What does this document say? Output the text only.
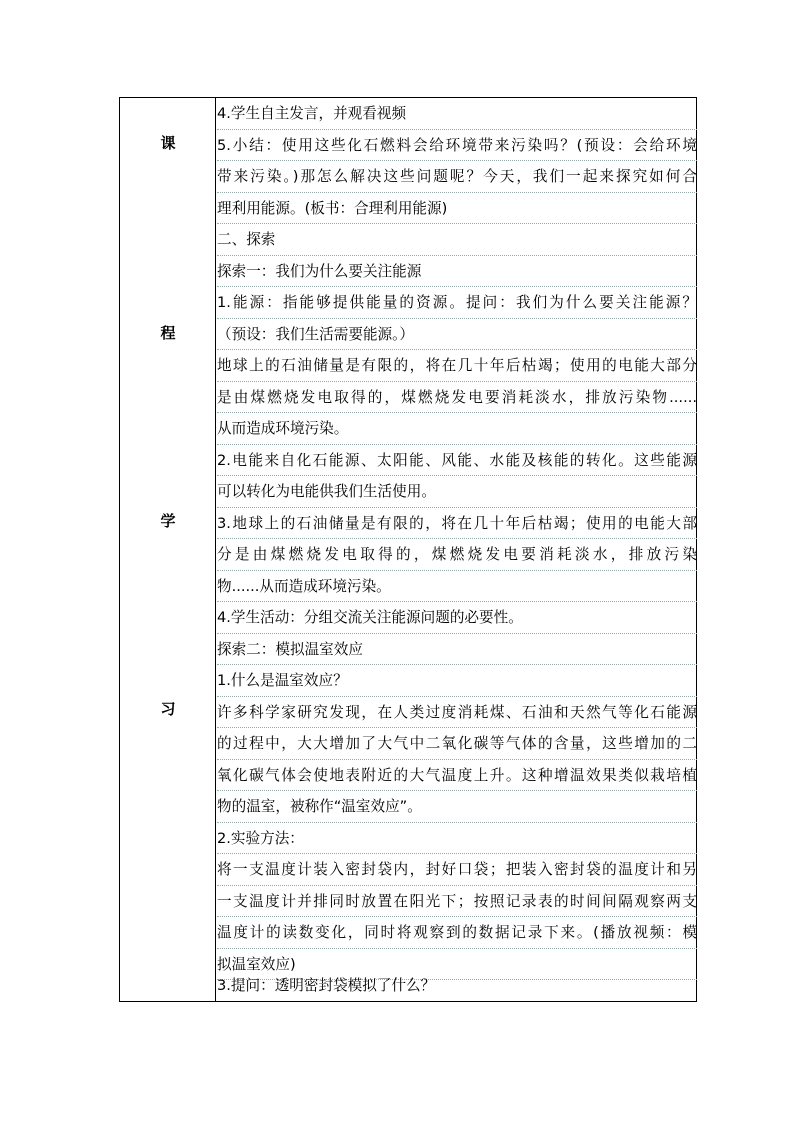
课
程
学
习
4.学生自主发言，并观看视频
5.小结：使用这些化石燃料会给环境带来污染吗？(预设：会给环境
带来污染。)那怎么解决这些问题呢？今天，我们一起来探究如何合
理利用能源。(板书：合理利用能源)
二、探索
探索一：我们为什么要关注能源
1.能源：指能够提供能量的资源。提问：我们为什么要关注能源？
（预设：我们生活需要能源。）
地球上的石油储量是有限的，将在几十年后枯竭；使用的电能大部分
是由煤燃烧发电取得的，煤燃烧发电要消耗淡水，排放污染物......
从而造成环境污染。
2.电能来自化石能源、太阳能、风能、水能及核能的转化。这些能源
可以转化为电能供我们生活使用。
3.地球上的石油储量是有限的，将在几十年后枯竭；使用的电能大部
分是由煤燃烧发电取得的，煤燃烧发电要消耗淡水，排放污染
物......从而造成环境污染。
4.学生活动：分组交流关注能源问题的必要性。
探索二：模拟温室效应
1.什么是温室效应？
许多科学家研究发现，在人类过度消耗煤、石油和天然气等化石能源
的过程中，大大增加了大气中二氧化碳等气体的含量，这些增加的二
氧化碳气体会使地表附近的大气温度上升。这种增温效果类似栽培植
物的温室，被称作“温室效应”。
2.实验方法：
将一支温度计装入密封袋内，封好口袋；把装入密封袋的温度计和另
一支温度计并排同时放置在阳光下；按照记录表的时间间隔观察两支
温度计的读数变化，同时将观察到的数据记录下来。(播放视频：模
拟温室效应)
3.提问：透明密封袋模拟了什么？
